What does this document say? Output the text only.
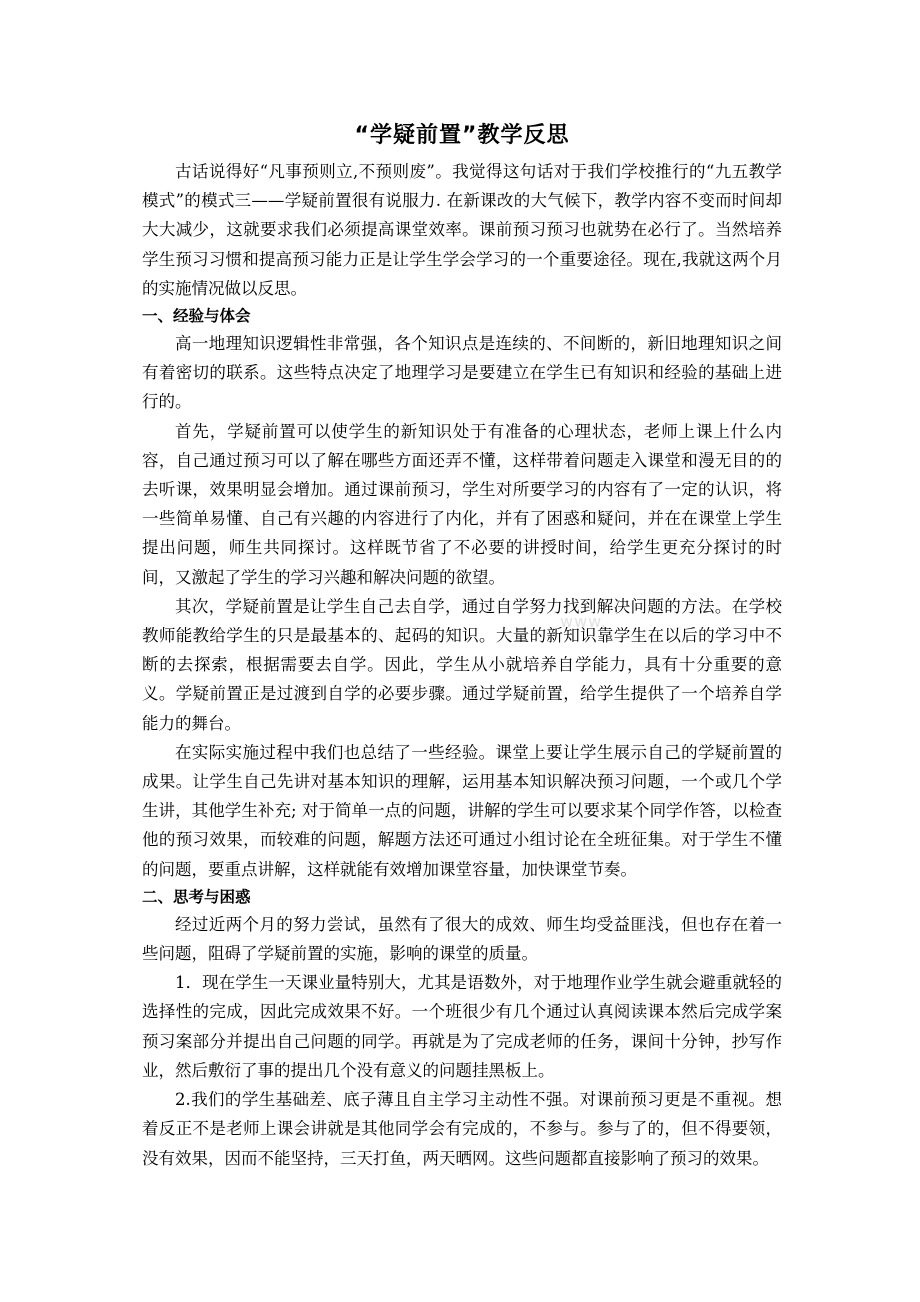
“学疑前置”教学反思

古话说得好“凡事预则立,不预则废”。我觉得这句话对于我们学校推行的“九五教学模式”的模式三——学疑前置很有说服力. 在新课改的大气候下，教学内容不变而时间却大大减少，这就要求我们必须提高课堂效率。课前预习预习也就势在必行了。当然培养学生预习习惯和提高预习能力正是让学生学会学习的一个重要途径。现在,我就这两个月的实施情况做以反思。

一、经验与体会

高一地理知识逻辑性非常强，各个知识点是连续的、不间断的，新旧地理知识之间有着密切的联系。这些特点决定了地理学习是要建立在学生已有知识和经验的基础上进行的。

首先，学疑前置可以使学生的新知识处于有准备的心理状态，老师上课上什么内容，自己通过预习可以了解在哪些方面还弄不懂，这样带着问题走入课堂和漫无目的的去听课，效果明显会增加。通过课前预习，学生对所要学习的内容有了一定的认识，将一些简单易懂、自己有兴趣的内容进行了内化，并有了困惑和疑问，并在在课堂上学生提出问题，师生共同探讨。这样既节省了不必要的讲授时间，给学生更充分探讨的时间，又激起了学生的学习兴趣和解决问题的欲望。

其次，学疑前置是让学生自己去自学，通过自学努力找到解决问题的方法。在学校教师能教给学生的只是最基本的、起码的知识。大量的新知识靠学生在以后的学习中不断的去探索，根据需要去自学。因此，学生从小就培养自学能力，具有十分重要的意义。学疑前置正是过渡到自学的必要步骤。通过学疑前置，给学生提供了一个培养自学能力的舞台。

在实际实施过程中我们也总结了一些经验。课堂上要让学生展示自己的学疑前置的成果。让学生自己先讲对基本知识的理解，运用基本知识解决预习问题，一个或几个学生讲，其他学生补充; 对于简单一点的问题，讲解的学生可以要求某个同学作答，以检查他的预习效果，而较难的问题，解题方法还可通过小组讨论在全班征集。对于学生不懂的问题，要重点讲解，这样就能有效增加课堂容量，加快课堂节奏。

二、思考与困惑

经过近两个月的努力尝试，虽然有了很大的成效、师生均受益匪浅，但也存在着一些问题，阻碍了学疑前置的实施，影响的课堂的质量。

1．现在学生一天课业量特别大，尤其是语数外，对于地理作业学生就会避重就轻的选择性的完成，因此完成效果不好。一个班很少有几个通过认真阅读课本然后完成学案预习案部分并提出自己问题的同学。再就是为了完成老师的任务，课间十分钟，抄写作业，然后敷衍了事的提出几个没有意义的问题挂黑板上。

2.我们的学生基础差、底子薄且自主学习主动性不强。对课前预习更是不重视。想着反正不是老师上课会讲就是其他同学会有完成的，不参与。参与了的，但不得要领，没有效果，因而不能坚持，三天打鱼，两天晒网。这些问题都直接影响了预习的效果。

www.
